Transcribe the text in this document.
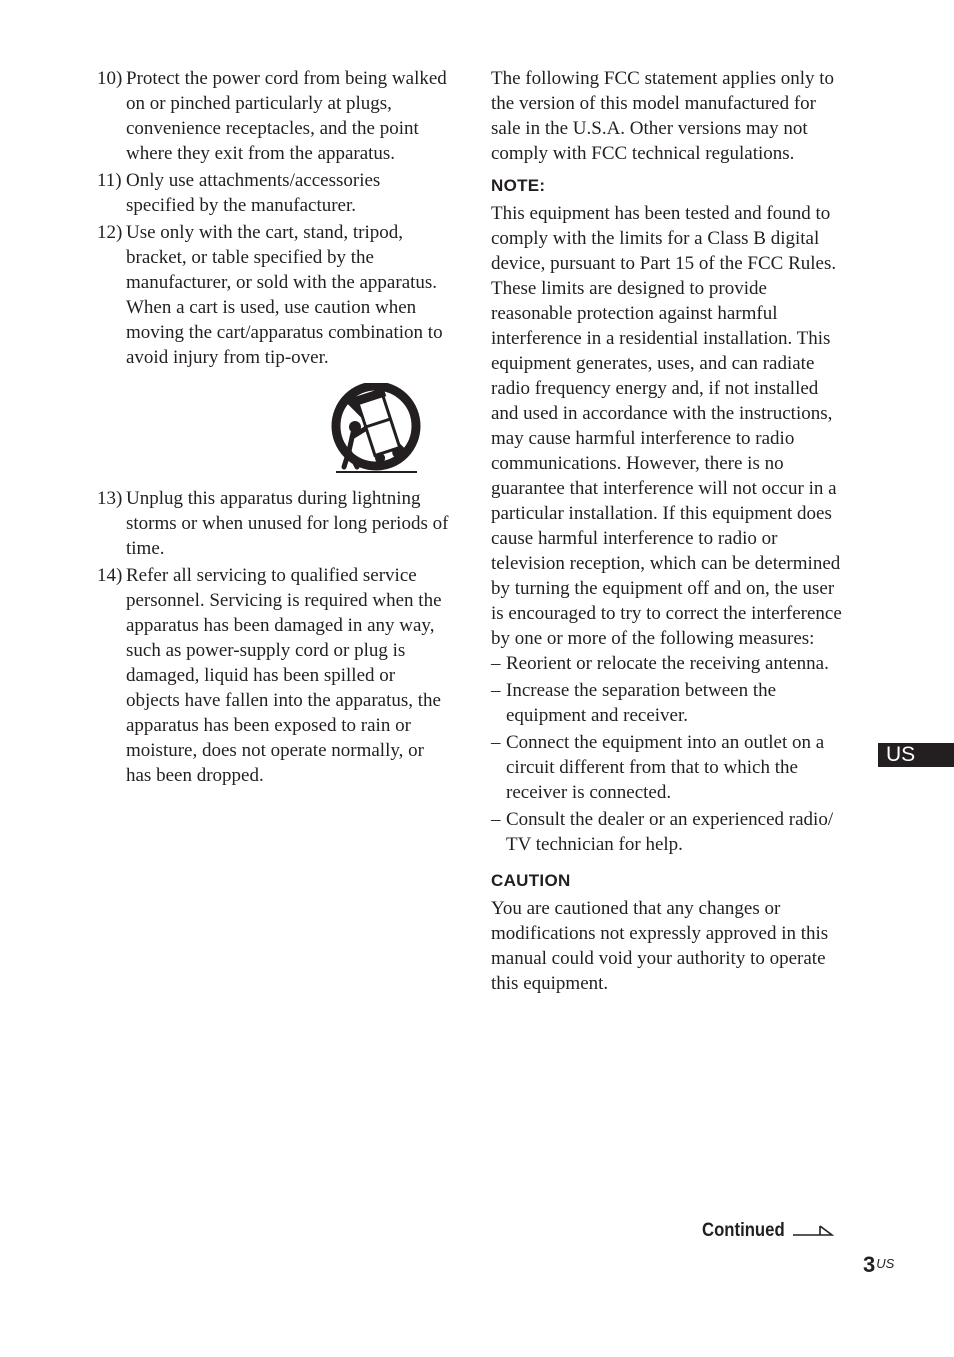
10) Protect the power cord from being walked on or pinched particularly at plugs, convenience receptacles, and the point where they exit from the apparatus.
11) Only use attachments/accessories specified by the manufacturer.
12) Use only with the cart, stand, tripod, bracket, or table specified by the manufacturer, or sold with the apparatus. When a cart is used, use caution when moving the cart/apparatus combination to avoid injury from tip-over.
13) Unplug this apparatus during lightning storms or when unused for long periods of time.
14) Refer all servicing to qualified service personnel. Servicing is required when the apparatus has been damaged in any way, such as power-supply cord or plug is damaged, liquid has been spilled or objects have fallen into the apparatus, the apparatus has been exposed to rain or moisture, does not operate normally, or has been dropped.

The following FCC statement applies only to the version of this model manufactured for sale in the U.S.A. Other versions may not comply with FCC technical regulations.

NOTE:

This equipment has been tested and found to comply with the limits for a Class B digital device, pursuant to Part 15 of the FCC Rules. These limits are designed to provide reasonable protection against harmful interference in a residential installation. This equipment generates, uses, and can radiate radio frequency energy and, if not installed and used in accordance with the instructions, may cause harmful interference to radio communications. However, there is no guarantee that interference will not occur in a particular installation. If this equipment does cause harmful interference to radio or television reception, which can be determined by turning the equipment off and on, the user is encouraged to try to correct the interference by one or more of the following measures:

– Reorient or relocate the receiving antenna.
– Increase the separation between the equipment and receiver.
– Connect the equipment into an outlet on a circuit different from that to which the receiver is connected.
– Consult the dealer or an experienced radio/ TV technician for help.
CAUTION

You are cautioned that any changes or modifications not expressly approved in this manual could void your authority to operate this equipment.

US
Continued
$3^{US}$
